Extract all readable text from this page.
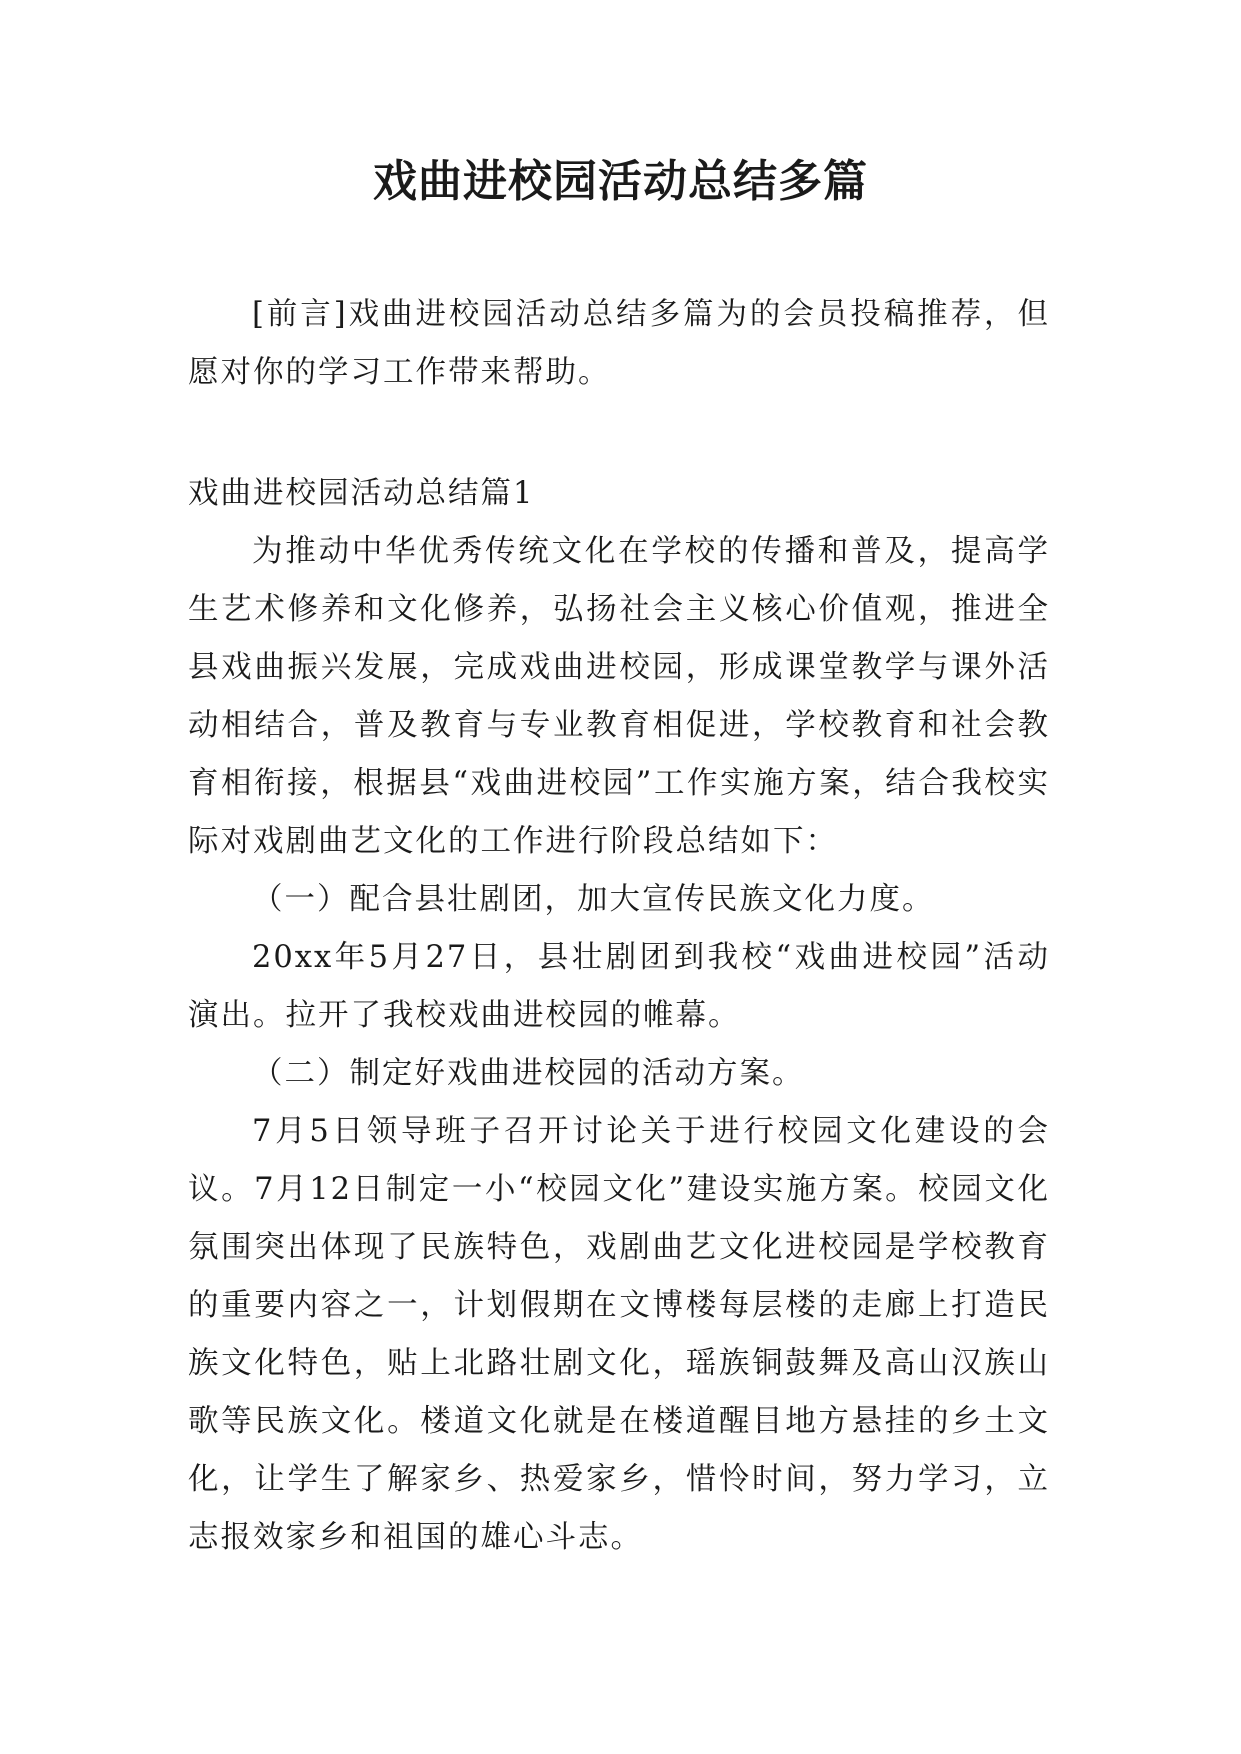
戏曲进校园活动总结多篇

[前言]戏曲进校园活动总结多篇为的会员投稿推荐，但愿对你的学习工作带来帮助。

戏曲进校园活动总结篇1

为推动中华优秀传统文化在学校的传播和普及，提高学生艺术修养和文化修养，弘扬社会主义核心价值观，推进全县戏曲振兴发展，完成戏曲进校园，形成课堂教学与课外活动相结合，普及教育与专业教育相促进，学校教育和社会教育相衔接，根据县“戏曲进校园”工作实施方案，结合我校实际对戏剧曲艺文化的工作进行阶段总结如下：

（一）配合县壮剧团，加大宣传民族文化力度。

20xx年5月27日，县壮剧团到我校“戏曲进校园”活动演出。拉开了我校戏曲进校园的帷幕。

（二）制定好戏曲进校园的活动方案。

7月5日领导班子召开讨论关于进行校园文化建设的会议。7月12日制定一小“校园文化”建设实施方案。校园文化氛围突出体现了民族特色，戏剧曲艺文化进校园是学校教育的重要内容之一，计划假期在文博楼每层楼的走廊上打造民族文化特色，贴上北路壮剧文化，瑶族铜鼓舞及高山汉族山歌等民族文化。楼道文化就是在楼道醒目地方悬挂的乡土文化，让学生了解家乡、热爱家乡，惜怜时间，努力学习，立志报效家乡和祖国的雄心斗志。
